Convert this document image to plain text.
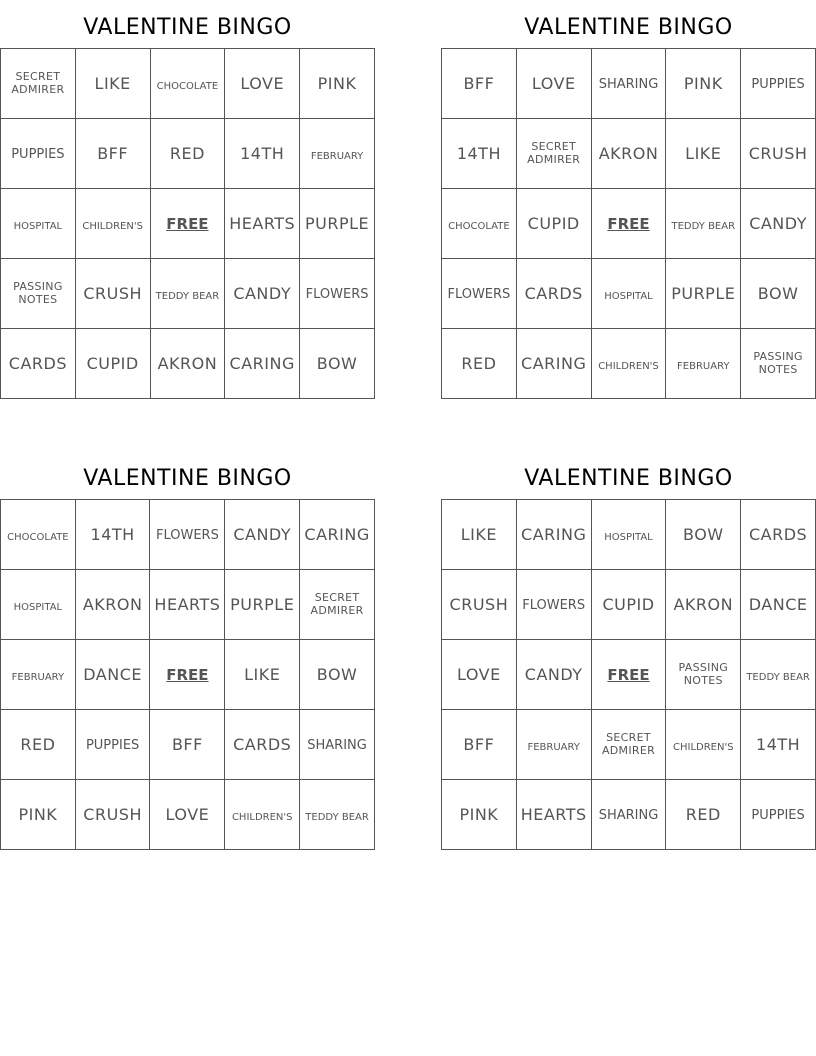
VALENTINE BINGO
SECRET ADMIRER	LIKE	CHOCOLATE	LOVE	PINK
PUPPIES	BFF	RED	14TH	FEBRUARY
HOSPITAL	CHILDREN'S	FREE	HEARTS	PURPLE
PASSING NOTES	CRUSH	TEDDY BEAR	CANDY	FLOWERS
CARDS	CUPID	AKRON	CARING	BOW
VALENTINE BINGO
BFF	LOVE	SHARING	PINK	PUPPIES
14TH	SECRET ADMIRER	AKRON	LIKE	CRUSH
CHOCOLATE	CUPID	FREE	TEDDY BEAR	CANDY
FLOWERS	CARDS	HOSPITAL	PURPLE	BOW
RED	CARING	CHILDREN'S	FEBRUARY	PASSING NOTES
VALENTINE BINGO
CHOCOLATE	14TH	FLOWERS	CANDY	CARING
HOSPITAL	AKRON	HEARTS	PURPLE	SECRET ADMIRER
FEBRUARY	DANCE	FREE	LIKE	BOW
RED	PUPPIES	BFF	CARDS	SHARING
PINK	CRUSH	LOVE	CHILDREN'S	TEDDY BEAR
VALENTINE BINGO
LIKE	CARING	HOSPITAL	BOW	CARDS
CRUSH	FLOWERS	CUPID	AKRON	DANCE
LOVE	CANDY	FREE	PASSING NOTES	TEDDY BEAR
BFF	FEBRUARY	SECRET ADMIRER	CHILDREN'S	14TH
PINK	HEARTS	SHARING	RED	PUPPIES
